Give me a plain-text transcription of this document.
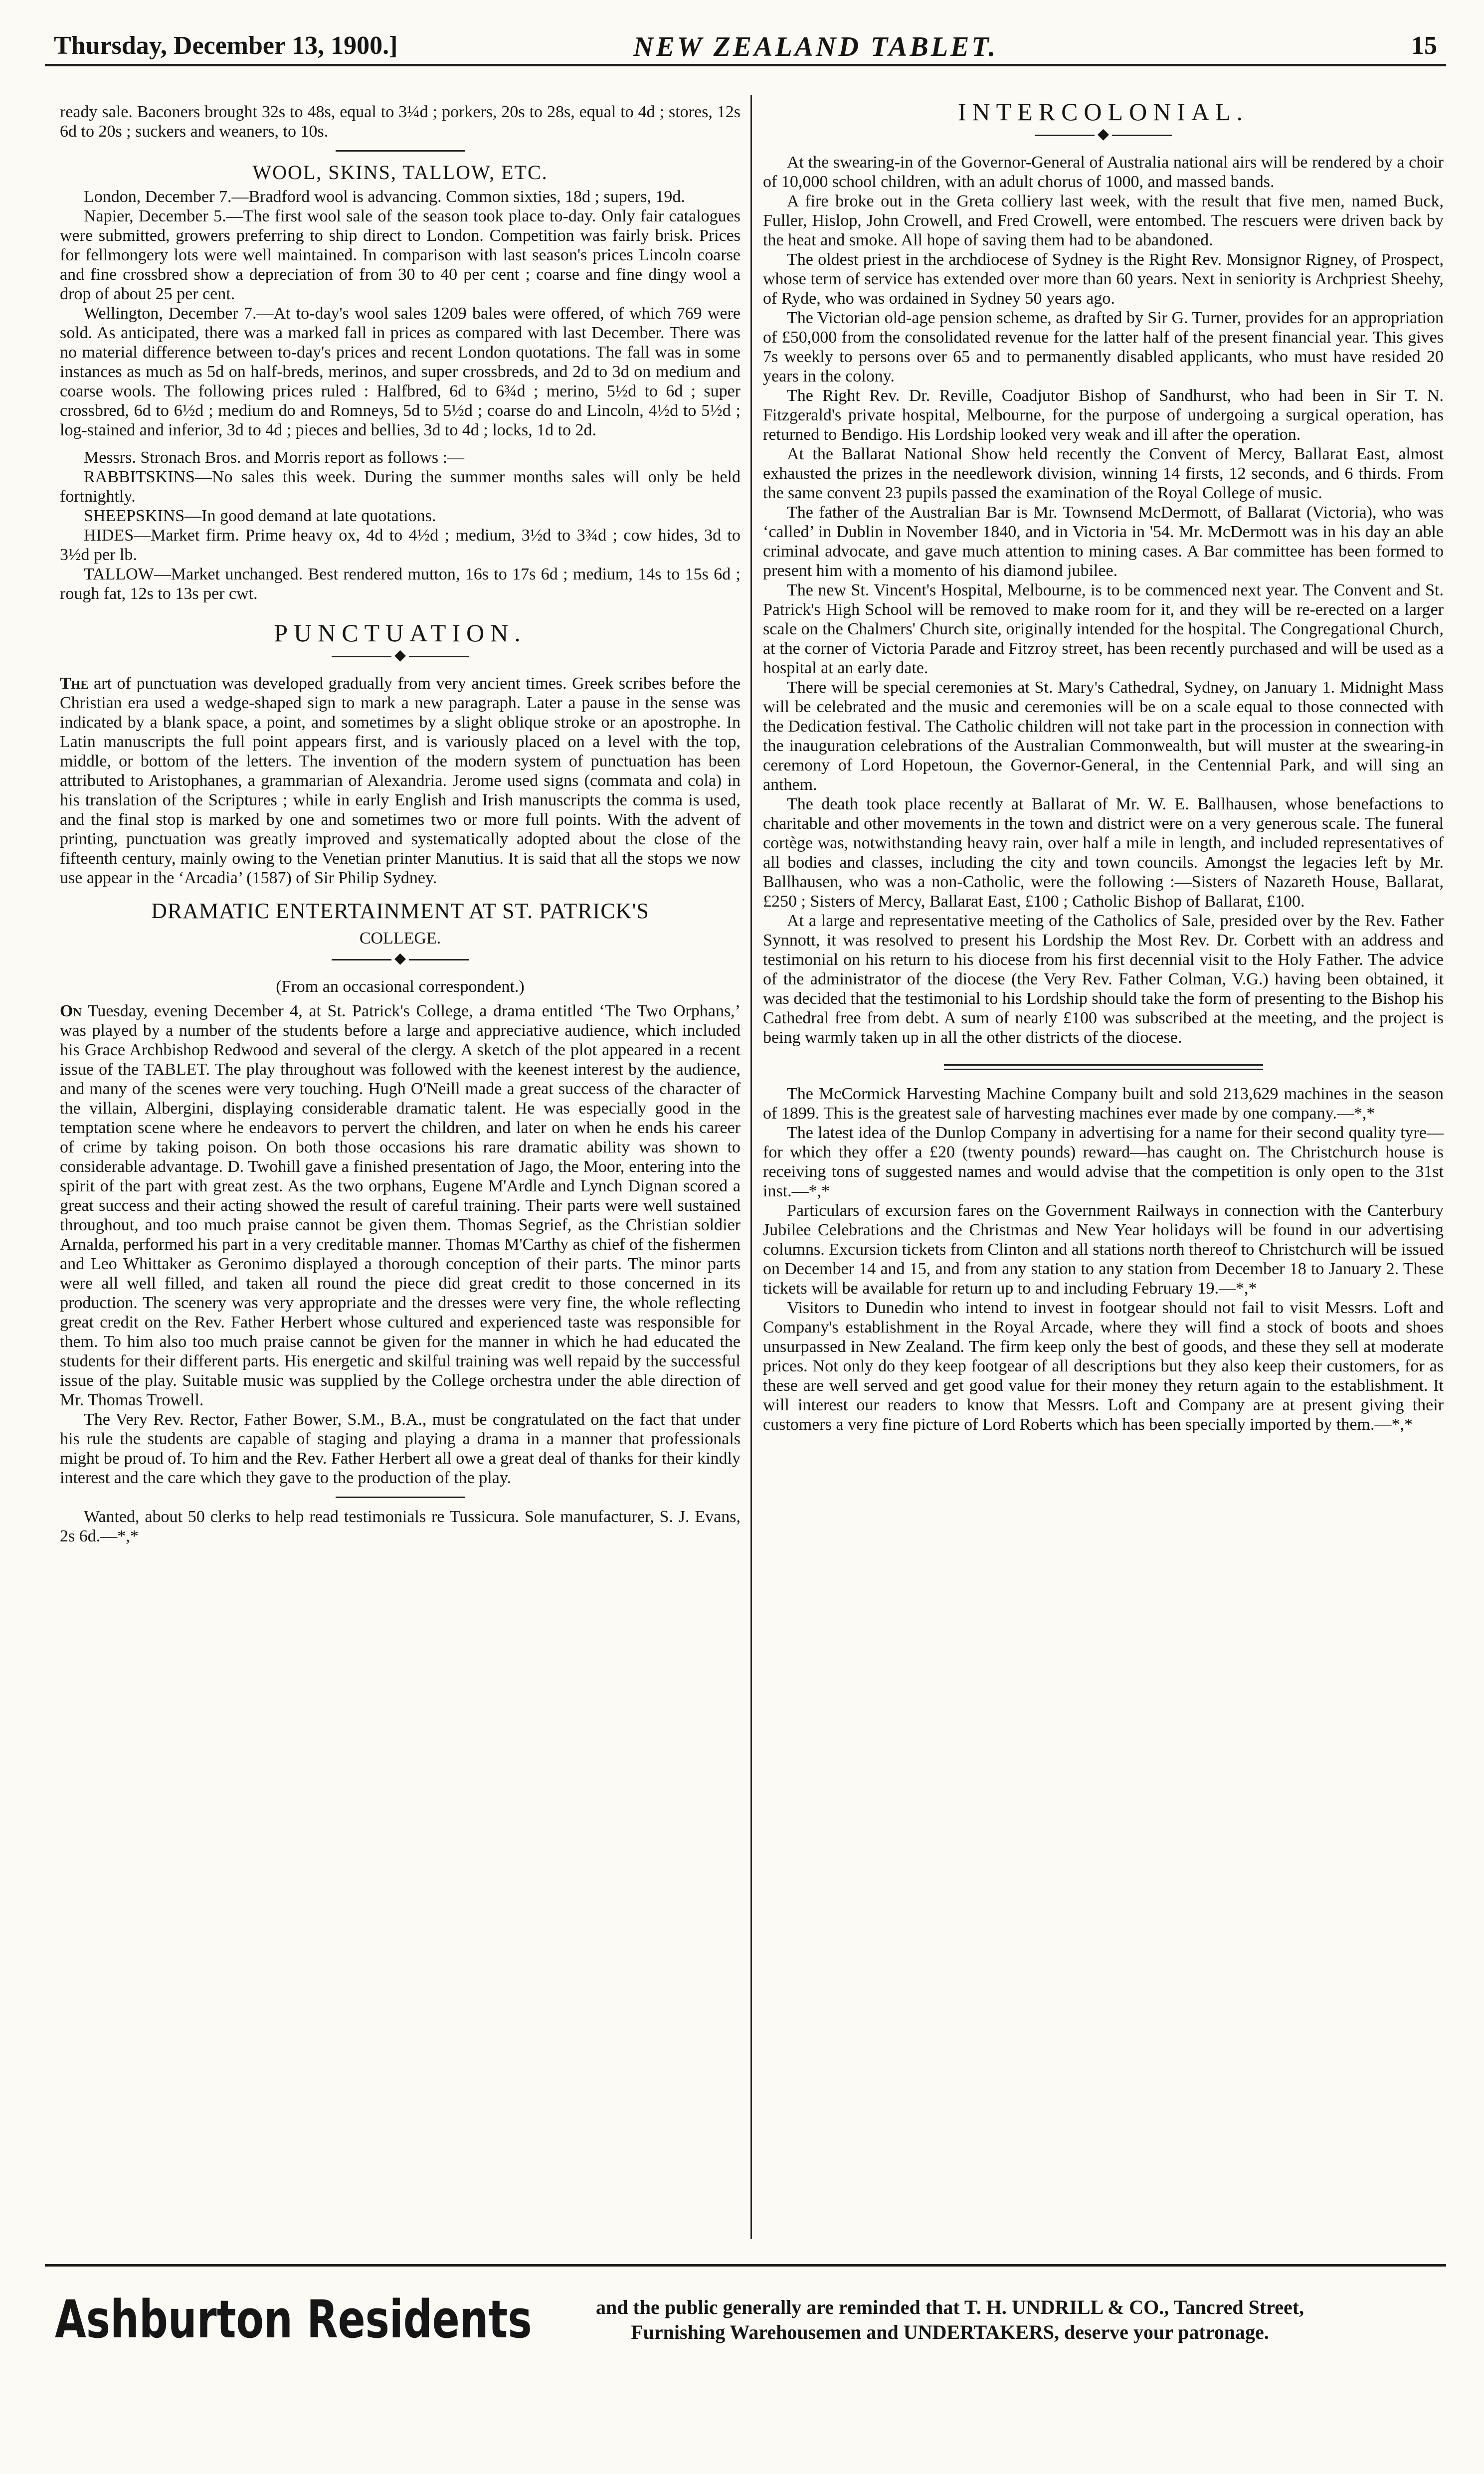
Thursday, December 13, 1900.]	NEW ZEALAND TABLET.	15

ready sale. Baconers brought 32s to 48s, equal to 3¼d ; porkers, 20s to 28s, equal to 4d ; stores, 12s 6d to 20s ; suckers and weaners, to 10s.

WOOL, SKINS, TALLOW, ETC.

London, December 7.—Bradford wool is advancing. Common sixties, 18d ; supers, 19d.

Napier, December 5.—The first wool sale of the season took place to-day. Only fair catalogues were submitted, growers preferring to ship direct to London. Competition was fairly brisk. Prices for fellmongery lots were well maintained. In comparison with last season's prices Lincoln coarse and fine crossbred show a depreciation of from 30 to 40 per cent ; coarse and fine dingy wool a drop of about 25 per cent.

Wellington, December 7.—At to-day's wool sales 1209 bales were offered, of which 769 were sold. As anticipated, there was a marked fall in prices as compared with last December. There was no material difference between to-day's prices and recent London quotations. The fall was in some instances as much as 5d on half-breds, merinos, and super crossbreds, and 2d to 3d on medium and coarse wools. The following prices ruled : Halfbred, 6d to 6¾d ; merino, 5½d to 6d ; super crossbred, 6d to 6½d ; medium do and Romneys, 5d to 5½d ; coarse do and Lincoln, 4½d to 5½d ; log-stained and inferior, 3d to 4d ; pieces and bellies, 3d to 4d ; locks, 1d to 2d.

Messrs. Stronach Bros. and Morris report as follows :—

RABBITSKINS—No sales this week. During the summer months sales will only be held fortnightly.

SHEEPSKINS—In good demand at late quotations.

HIDES—Market firm. Prime heavy ox, 4d to 4½d ; medium, 3½d to 3¾d ; cow hides, 3d to 3½d per lb.

TALLOW—Market unchanged. Best rendered mutton, 16s to 17s 6d ; medium, 14s to 15s 6d ; rough fat, 12s to 13s per cwt.

PUNCTUATION.
◆

The art of punctuation was developed gradually from very ancient times. Greek scribes before the Christian era used a wedge-shaped sign to mark a new paragraph. Later a pause in the sense was indicated by a blank space, a point, and sometimes by a slight oblique stroke or an apostrophe. In Latin manuscripts the full point appears first, and is variously placed on a level with the top, middle, or bottom of the letters. The invention of the modern system of punctuation has been attributed to Aristophanes, a grammarian of Alexandria. Jerome used signs (commata and cola) in his translation of the Scriptures ; while in early English and Irish manuscripts the comma is used, and the final stop is marked by one and sometimes two or more full points. With the advent of printing, punctuation was greatly improved and systematically adopted about the close of the fifteenth century, mainly owing to the Venetian printer Manutius. It is said that all the stops we now use appear in the ‘Arcadia’ (1587) of Sir Philip Sydney.

DRAMATIC ENTERTAINMENT AT ST. PATRICK'S
COLLEGE.
◆
(From an occasional correspondent.)

On Tuesday, evening December 4, at St. Patrick's College, a drama entitled ‘The Two Orphans,’ was played by a number of the students before a large and appreciative audience, which included his Grace Archbishop Redwood and several of the clergy. A sketch of the plot appeared in a recent issue of the TABLET. The play throughout was followed with the keenest interest by the audience, and many of the scenes were very touching. Hugh O'Neill made a great success of the character of the villain, Albergini, displaying considerable dramatic talent. He was especially good in the temptation scene where he endeavors to pervert the children, and later on when he ends his career of crime by taking poison. On both those occasions his rare dramatic ability was shown to considerable advantage. D. Twohill gave a finished presentation of Jago, the Moor, entering into the spirit of the part with great zest. As the two orphans, Eugene M'Ardle and Lynch Dignan scored a great success and their acting showed the result of careful training. Their parts were well sustained throughout, and too much praise cannot be given them. Thomas Segrief, as the Christian soldier Arnalda, performed his part in a very creditable manner. Thomas M'Carthy as chief of the fishermen and Leo Whittaker as Geronimo displayed a thorough conception of their parts. The minor parts were all well filled, and taken all round the piece did great credit to those concerned in its production. The scenery was very appropriate and the dresses were very fine, the whole reflecting great credit on the Rev. Father Herbert whose cultured and experienced taste was responsible for them. To him also too much praise cannot be given for the manner in which he had educated the students for their different parts. His energetic and skilful training was well repaid by the successful issue of the play. Suitable music was supplied by the College orchestra under the able direction of Mr. Thomas Trowell.

The Very Rev. Rector, Father Bower, S.M., B.A., must be congratulated on the fact that under his rule the students are capable of staging and playing a drama in a manner that professionals might be proud of. To him and the Rev. Father Herbert all owe a great deal of thanks for their kindly interest and the care which they gave to the production of the play.

Wanted, about 50 clerks to help read testimonials re Tussicura. Sole manufacturer, S. J. Evans, 2s 6d.—*,*

INTERCOLONIAL.
◆

At the swearing-in of the Governor-General of Australia national airs will be rendered by a choir of 10,000 school children, with an adult chorus of 1000, and massed bands.

A fire broke out in the Greta colliery last week, with the result that five men, named Buck, Fuller, Hislop, John Crowell, and Fred Crowell, were entombed. The rescuers were driven back by the heat and smoke. All hope of saving them had to be abandoned.

The oldest priest in the archdiocese of Sydney is the Right Rev. Monsignor Rigney, of Prospect, whose term of service has extended over more than 60 years. Next in seniority is Archpriest Sheehy, of Ryde, who was ordained in Sydney 50 years ago.

The Victorian old-age pension scheme, as drafted by Sir G. Turner, provides for an appropriation of £50,000 from the consolidated revenue for the latter half of the present financial year. This gives 7s weekly to persons over 65 and to permanently disabled applicants, who must have resided 20 years in the colony.

The Right Rev. Dr. Reville, Coadjutor Bishop of Sandhurst, who had been in Sir T. N. Fitzgerald's private hospital, Melbourne, for the purpose of undergoing a surgical operation, has returned to Bendigo. His Lordship looked very weak and ill after the operation.

At the Ballarat National Show held recently the Convent of Mercy, Ballarat East, almost exhausted the prizes in the needlework division, winning 14 firsts, 12 seconds, and 6 thirds. From the same convent 23 pupils passed the examination of the Royal College of music.

The father of the Australian Bar is Mr. Townsend McDermott, of Ballarat (Victoria), who was ‘called’ in Dublin in November 1840, and in Victoria in '54. Mr. McDermott was in his day an able criminal advocate, and gave much attention to mining cases. A Bar committee has been formed to present him with a momento of his diamond jubilee.

The new St. Vincent's Hospital, Melbourne, is to be commenced next year. The Convent and St. Patrick's High School will be removed to make room for it, and they will be re-erected on a larger scale on the Chalmers' Church site, originally intended for the hospital. The Congregational Church, at the corner of Victoria Parade and Fitzroy street, has been recently purchased and will be used as a hospital at an early date.

There will be special ceremonies at St. Mary's Cathedral, Sydney, on January 1. Midnight Mass will be celebrated and the music and ceremonies will be on a scale equal to those connected with the Dedication festival. The Catholic children will not take part in the procession in connection with the inauguration celebrations of the Australian Commonwealth, but will muster at the swearing-in ceremony of Lord Hopetoun, the Governor-General, in the Centennial Park, and will sing an anthem.

The death took place recently at Ballarat of Mr. W. E. Ballhausen, whose benefactions to charitable and other movements in the town and district were on a very generous scale. The funeral cortège was, notwithstanding heavy rain, over half a mile in length, and included representatives of all bodies and classes, including the city and town councils. Amongst the legacies left by Mr. Ballhausen, who was a non-Catholic, were the following :—Sisters of Nazareth House, Ballarat, £250 ; Sisters of Mercy, Ballarat East, £100 ; Catholic Bishop of Ballarat, £100.

At a large and representative meeting of the Catholics of Sale, presided over by the Rev. Father Synnott, it was resolved to present his Lordship the Most Rev. Dr. Corbett with an address and testimonial on his return to his diocese from his first decennial visit to the Holy Father. The advice of the administrator of the diocese (the Very Rev. Father Colman, V.G.) having been obtained, it was decided that the testimonial to his Lordship should take the form of presenting to the Bishop his Cathedral free from debt. A sum of nearly £100 was subscribed at the meeting, and the project is being warmly taken up in all the other districts of the diocese.

The McCormick Harvesting Machine Company built and sold 213,629 machines in the season of 1899. This is the greatest sale of harvesting machines ever made by one company.—*,*

The latest idea of the Dunlop Company in advertising for a name for their second quality tyre—for which they offer a £20 (twenty pounds) reward—has caught on. The Christchurch house is receiving tons of suggested names and would advise that the competition is only open to the 31st inst.—*,*

Particulars of excursion fares on the Government Railways in connection with the Canterbury Jubilee Celebrations and the Christmas and New Year holidays will be found in our advertising columns. Excursion tickets from Clinton and all stations north thereof to Christchurch will be issued on December 14 and 15, and from any station to any station from December 18 to January 2. These tickets will be available for return up to and including February 19.—*,*

Visitors to Dunedin who intend to invest in footgear should not fail to visit Messrs. Loft and Company's establishment in the Royal Arcade, where they will find a stock of boots and shoes unsurpassed in New Zealand. The firm keep only the best of goods, and these they sell at moderate prices. Not only do they keep footgear of all descriptions but they also keep their customers, for as these are well served and get good value for their money they return again to the establishment. It will interest our readers to know that Messrs. Loft and Company are at present giving their customers a very fine picture of Lord Roberts which has been specially imported by them.—*,*

Ashburton Residents	and the public generally are reminded that T. H. UNDRILL & CO., Tancred Street,
Furnishing Warehousemen and UNDERTAKERS, deserve your patronage.
